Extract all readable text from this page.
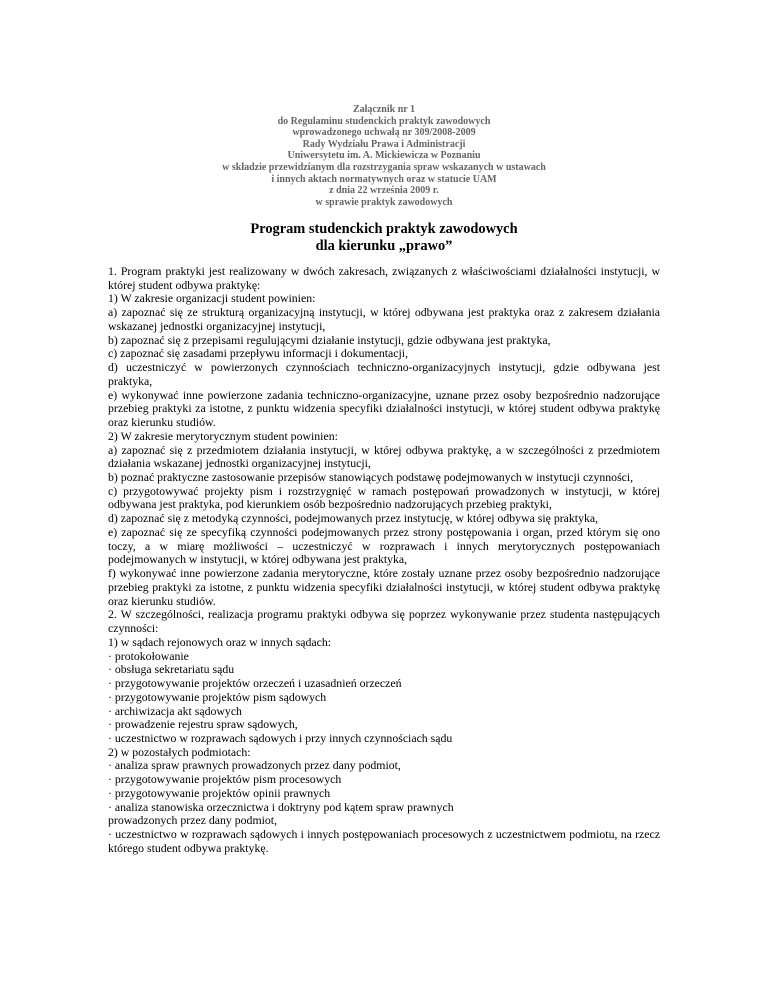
Załącznik nr 1
do Regulaminu studenckich praktyk zawodowych
wprowadzonego uchwałą nr 309/2008-2009
Rady Wydziału Prawa i Administracji
Uniwersytetu im. A. Mickiewicza w Poznaniu
w składzie przewidzianym dla rozstrzygania spraw wskazanych w ustawach
i innych aktach normatywnych oraz w statucie UAM
z dnia 22 września 2009 r.
w sprawie praktyk zawodowych
Program studenckich praktyk zawodowych
dla kierunku „prawo”

1. Program praktyki jest realizowany w dwóch zakresach, związanych z właściwościami działalności instytucji, w której student odbywa praktykę:

1) W zakresie organizacji student powinien:

a) zapoznać się ze strukturą organizacyjną instytucji, w której odbywana jest praktyka oraz z zakresem działania wskazanej jednostki organizacyjnej instytucji,

b) zapoznać się z przepisami regulującymi działanie instytucji, gdzie odbywana jest praktyka,

c) zapoznać się zasadami przepływu informacji i dokumentacji,

d) uczestniczyć w powierzonych czynnościach techniczno-organizacyjnych instytucji, gdzie odbywana jest praktyka,

e) wykonywać inne powierzone zadania techniczno-organizacyjne, uznane przez osoby bezpośrednio nadzorujące przebieg praktyki za istotne, z punktu widzenia specyfiki działalności instytucji, w której student odbywa praktykę oraz kierunku studiów.

2) W zakresie merytorycznym student powinien:

a) zapoznać się z przedmiotem działania instytucji, w której odbywa praktykę, a w szczególności z przedmiotem działania wskazanej jednostki organizacyjnej instytucji,

b) poznać praktyczne zastosowanie przepisów stanowiących podstawę podejmowanych w instytucji czynności,

c) przygotowywać projekty pism i rozstrzygnięć w ramach postępowań prowadzonych w instytucji, w której odbywana jest praktyka, pod kierunkiem osób bezpośrednio nadzorujących przebieg praktyki,

d) zapoznać się z metodyką czynności, podejmowanych przez instytucję, w której odbywa się praktyka,

e) zapoznać się ze specyfiką czynności podejmowanych przez strony postępowania i organ, przed którym się ono toczy, a w miarę możliwości – uczestniczyć w rozprawach i innych merytorycznych postępowaniach podejmowanych w instytucji, w której odbywana jest praktyka,

f) wykonywać inne powierzone zadania merytoryczne, które zostały uznane przez osoby bezpośrednio nadzorujące przebieg praktyki za istotne, z punktu widzenia specyfiki działalności instytucji, w której student odbywa praktykę oraz kierunku studiów.

2. W szczególności, realizacja programu praktyki odbywa się poprzez wykonywanie przez studenta następujących czynności:

1) w sądach rejonowych oraz w innych sądach:

· protokołowanie

· obsługa sekretariatu sądu

· przygotowywanie projektów orzeczeń i uzasadnień orzeczeń

· przygotowywanie projektów pism sądowych

· archiwizacja akt sądowych

· prowadzenie rejestru spraw sądowych,

· uczestnictwo w rozprawach sądowych i przy innych czynnościach sądu

2) w pozostałych podmiotach:

· analiza spraw prawnych prowadzonych przez dany podmiot,

· przygotowywanie projektów pism procesowych

· przygotowywanie projektów opinii prawnych

· analiza stanowiska orzecznictwa i doktryny pod kątem spraw prawnych

prowadzonych przez dany podmiot,

· uczestnictwo w rozprawach sądowych i innych postępowaniach procesowych z uczestnictwem podmiotu, na rzecz którego student odbywa praktykę.
